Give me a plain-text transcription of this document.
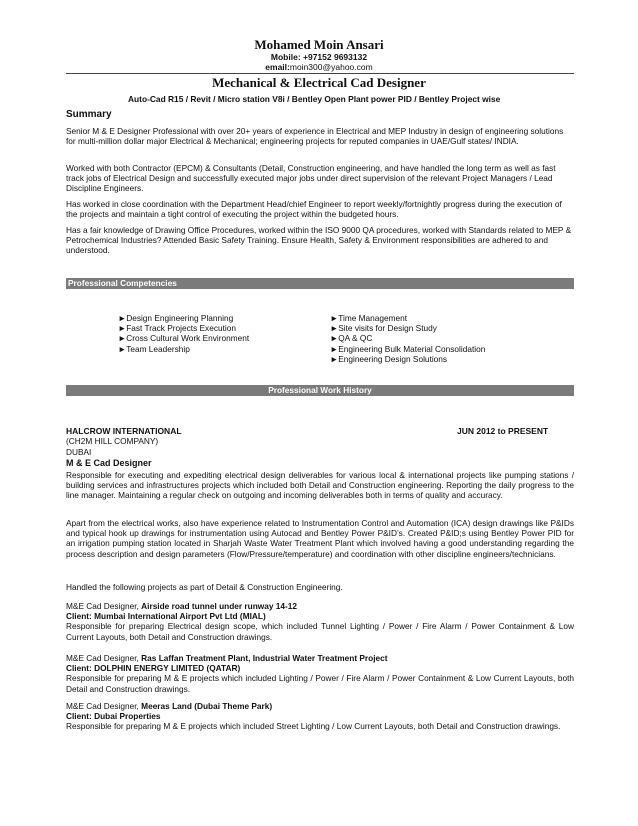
Mohamed Moin Ansari
Mobile: +97152 9693132
email:moin300@yahoo.com
Mechanical & Electrical Cad Designer
Auto-Cad R15 / Revit / Micro station V8i / Bentley Open Plant power PID / Bentley Project wise
Summary
Senior M & E Designer Professional with over 20+ years of experience in Electrical and MEP Industry in design of engineering solutions for multi-million dollar major Electrical & Mechanical; engineering projects for reputed companies in UAE/Gulf states/ INDIA.
Worked with both Contractor (EPCM) & Consultants (Detail, Construction engineering, and have handled the long term as well as fast track jobs of Electrical Design and successfully executed major jobs under direct supervision of the relevant Project Managers / Lead Discipline Engineers.
Has worked in close coordination with the Department Head/chief Engineer to report weekly/fortnightly progress during the execution of the projects and maintain a tight control of executing the project within the budgeted hours.
Has a fair knowledge of Drawing Office Procedures, worked within the ISO 9000 QA procedures, worked with Standards related to MEP & Petrochemical Industries? Attended Basic Safety Training. Ensure Health, Safety & Environment responsibilities are adhered to and understood.
Professional Competencies
►Design Engineering Planning
►Fast Track Projects Execution
►Cross Cultural Work Environment
►Team Leadership
►Time Management
►Site visits for Design Study
►QA & QC
►Engineering Bulk Material Consolidation
►Engineering Design Solutions
Professional Work History
HALCROW INTERNATIONAL	JUN 2012 to PRESENT
(CH2M HILL COMPANY)
DUBAI
M & E Cad Designer
Responsible for executing and expediting electrical design deliverables for various local & international projects like pumping stations / building services and infrastructures projects which included both Detail and Construction engineering. Reporting the daily progress to the line manager. Maintaining a regular check on outgoing and incoming deliverables both in terms of quality and accuracy.
Apart from the electrical works, also have experience related to Instrumentation Control and Automation (ICA) design drawings like P&IDs and typical hook up drawings for instrumentation using Autocad and Bentley Power P&ID’s. Created P&ID;s using Bentley Power PID for an irrigation pumping station located in Sharjah Waste Water Treatment Plant which involved having a good understanding regarding the process description and design parameters (Flow/Pressure/temperature) and coordination with other discipline engineers/technicians.
Handled the following projects as part of Detail & Construction Engineering.
M&E Cad Designer, Airside road tunnel under runway 14-12
Client: Mumbai International Airport Pvt Ltd (MIAL)
Responsible for preparing Electrical design scope, which included Tunnel Lighting / Power / Fire Alarm / Power Containment & Low Current Layouts, both Detail and Construction drawings.
M&E Cad Designer, Ras Laffan Treatment Plant, Industrial Water Treatment Project
Client: DOLPHIN ENERGY LIMITED (QATAR)
Responsible for preparing M & E projects which included Lighting / Power / Fire Alarm / Power Containment & Low Current Layouts, both Detail and Construction drawings.
M&E Cad Designer, Meeras Land (Dubai Theme Park)
Client: Dubai Properties
Responsible for preparing M & E projects which included Street Lighting / Low Current Layouts, both Detail and Construction drawings.
